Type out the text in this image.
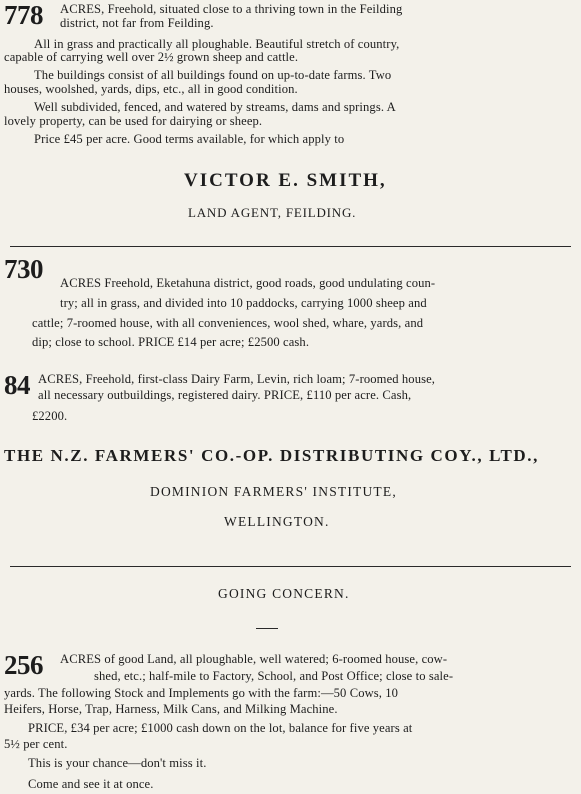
778 ACRES, Freehold, situated close to a thriving town in the Feilding
district, not far from Feilding.
All in grass and practically all ploughable. Beautiful stretch of country,
capable of carrying well over 2½ grown sheep and cattle.
The buildings consist of all buildings found on up-to-date farms. Two
houses, woolshed, yards, dips, etc., all in good condition.
Well subdivided, fenced, and watered by streams, dams and springs. A
lovely property, can be used for dairying or sheep.
Price £45 per acre. Good terms available, for which apply to
VICTOR E. SMITH,
LAND AGENT, FEILDING.
730 ACRES Freehold, Eketahuna district, good roads, good undulating coun-
try; all in grass, and divided into 10 paddocks, carrying 1000 sheep and
cattle; 7-roomed house, with all conveniences, wool shed, whare, yards, and
dip; close to school. PRICE £14 per acre; £2500 cash.
84 ACRES, Freehold, first-class Dairy Farm, Levin, rich loam; 7-roomed house,
all necessary outbuildings, registered dairy. PRICE, £110 per acre. Cash,
£2200.
THE N.Z. FARMERS' CO.-OP. DISTRIBUTING COY., LTD.,
DOMINION FARMERS' INSTITUTE,
WELLINGTON.
GOING CONCERN.
256 ACRES of good Land, all ploughable, well watered; 6-roomed house, cow-
shed, etc.; half-mile to Factory, School, and Post Office; close to sale-
yards. The following Stock and Implements go with the farm:—50 Cows, 10
Heifers, Horse, Trap, Harness, Milk Cans, and Milking Machine.
PRICE, £34 per acre; £1000 cash down on the lot, balance for five years at
5½ per cent.
This is your chance—don't miss it.
Come and see it at once.
